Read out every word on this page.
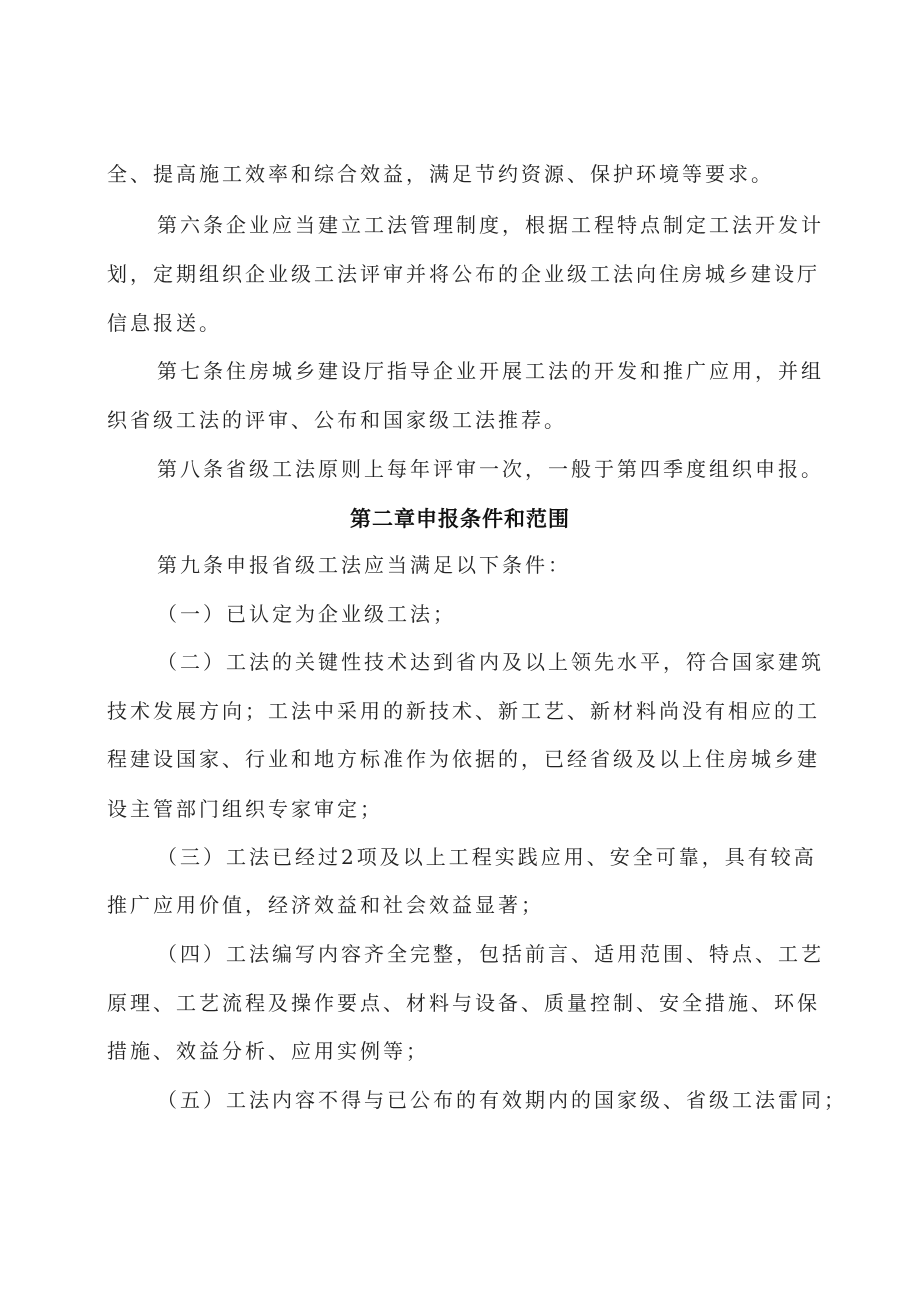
全、提高施工效率和综合效益，满足节约资源、保护环境等要求。

第六条企业应当建立工法管理制度，根据工程特点制定工法开发计

划，定期组织企业级工法评审并将公布的企业级工法向住房城乡建设厅

信息报送。

第七条住房城乡建设厅指导企业开展工法的开发和推广应用，并组

织省级工法的评审、公布和国家级工法推荐。

第八条省级工法原则上每年评审一次，一般于第四季度组织申报。

第二章申报条件和范围

第九条申报省级工法应当满足以下条件：

（一）已认定为企业级工法；

（二）工法的关键性技术达到省内及以上领先水平，符合国家建筑

技术发展方向；工法中采用的新技术、新工艺、新材料尚没有相应的工

程建设国家、行业和地方标准作为依据的，已经省级及以上住房城乡建

设主管部门组织专家审定；

（三）工法已经过2项及以上工程实践应用、安全可靠，具有较高

推广应用价值，经济效益和社会效益显著；

（四）工法编写内容齐全完整，包括前言、适用范围、特点、工艺

原理、工艺流程及操作要点、材料与设备、质量控制、安全措施、环保

措施、效益分析、应用实例等；

（五）工法内容不得与已公布的有效期内的国家级、省级工法雷同；
